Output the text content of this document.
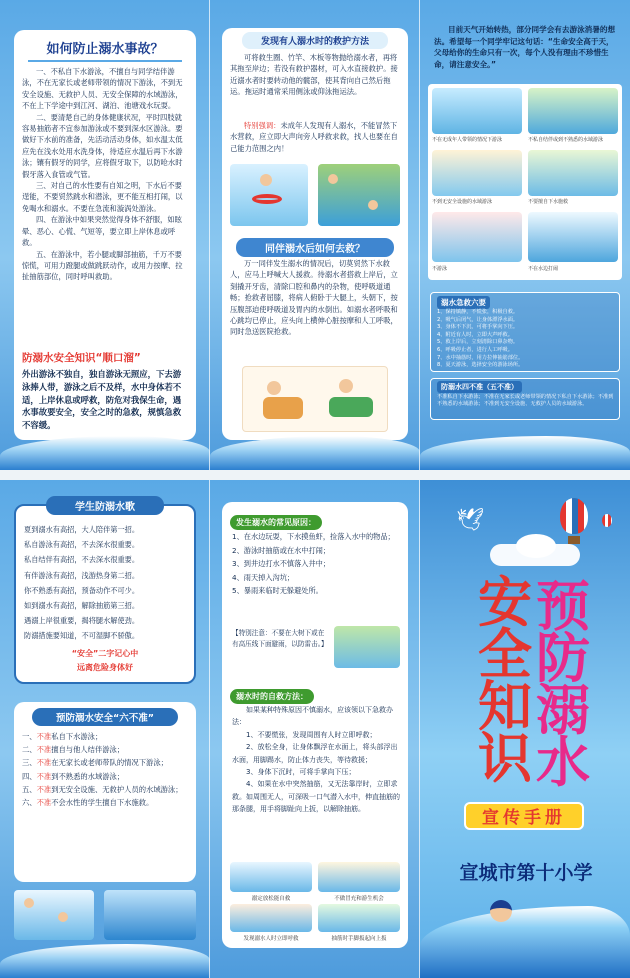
如何防止溺水事故？

一、不私自下水游泳，不擅自与同学结伴游泳，不在无家长或老师带领的情况下游泳，不到无安全设施、无救护人员、无安全保障的水域游泳，不在上下学途中到江河、湖泊、池塘戏水玩耍。

二、要清楚自己的身体健康状况，平时四肢就容易抽筋者不宜参加游泳或不要到深水区游泳。要做好下水前的准备，先活动活动身体，如水温太低应先在浅水处用水洗身体，待适应水温后再下水游泳；镶有假牙的同学，应将假牙取下，以防呛水时假牙落入食管或气管。

三、对自己的水性要有自知之明，下水后不要逞能，不要贸然跳水和潜泳，更不能互相打闹，以免喝水和溺水。不要在急流和漩涡处游泳。

四、在游泳中如果突然觉得身体不舒服，如眩晕、恶心、心慌、气短等，要立即上岸休息或呼救。

五、在游泳中，若小腿或脚部抽筋，千万不要惊慌，可用力蹬腿或做跳跃动作，或用力按摩、拉扯抽筋部位，同时呼叫救助。

防溺水安全知识“顺口溜”
外出游泳不独自，独自游泳无照应，下去游泳捧人带，游泳之后不及样，水中身体若不适，上岸休息或呼救，防危对我保生命，遇水事故要安全，安全之时的急救，规慎急救不容缓。
发现有人溺水时的救护方法

可将救生圈、竹竿、木板等物抛给溺水者，再将其拖至岸边；若没有救护器材，可入水直接救护。接近溺水者时要转动他的髋部，使其背向自己然后拖运。拖运时通常采用侧泳或仰泳拖运法。

特别强调：未成年人发现有人溺水，不能冒然下水营救，应立即大声向旁人呼救求救，找人也要在自己能力范围之内！
同伴溺水后如何去救？

万一同伴发生溺水的情况后，切莫贸然下水救人，应马上呼喊大人援救。待溺水者搭救上岸后，立刻撬开牙齿，清除口腔和鼻内的杂物，使呼吸道通畅；抢救者屈膝，将病人俯卧于大腿上，头朝下，按压腹部迫使呼吸道及胃内的水倒出。如溺水者呼吸和心跳均已停止，应头向上横伸心脏按摩和人工呼吸，同时急送医院抢救。

目前天气开始转热，部分同学会有去游泳消暑的想法。希望每一个同学牢记这句话：“生命安全高于天，父母给你的生命只有一次，每个人没有理由不珍惜生命，请注意安全。”

不在无成年人带领的情况下游泳	不私自结伴或到不熟悉的水域游泳
不到无安全设施的水域游泳	不要擅自下水施救
不游泳	不在水边打闹
溺水急救六要
1、保持镇静，不慌张，积极自救。
2、吸气后闭气，让身体漂浮水面。
3、身体不下沉，可将手掌向下压。
4、附近有人时，立即大声呼救。
5、救上岸后，立刻清除口鼻杂物。
6、呼吸停止者，进行人工呼吸。
7、水中抽筋时，用力拉伸抽筋部位。
8、夏天游泳，选择安全的游泳场所。
防溺水四不准（五不准）
不准私自下水游泳；不准在无家长或老师带领的情况下私自下水游泳；不准到不熟悉的水域游泳；不准到无安全设施、无救护人员的水域游泳。
学生防溺水歌
夏到溺水有高招，大人陪伴第一招。
私自游泳有高招，不去深水很重要。
私自结伴有高招，不去深水很重要。
有伴游泳有高招，浅游热身第二招。
你不熟悉有高招，预备动作不可少。
如到溺水有高招，解除抽筋第三招。
遇溺上岸很重要，揭将腿水解使劲。
防溺措施要知道，不可湿脚不骄傲。
“安全”二字记心中
远离危险身体好
预防溺水安全“六不准”
一、不准私自下水游泳；
二、不准擅自与他人结伴游泳；
三、不准在无家长或老师带队的情况下游泳；
四、不准到不熟悉的水域游泳；
五、不准到无安全设施、无救护人员的水域游泳；
六、不准不会水性的学生擅自下水施救。
发生溺水的常见原因：
1、在水边玩耍，下水摸鱼虾，捡落入水中的物品；
2、游泳时抽筋或在水中打闹；
3、到井边打水不慎落入井中；
4、雨天掉入沟坑；
5、暴雨来临时无躲避处所。
【特别注意：不要在大树下或在有高压线下面避雨，以防雷击。】
溺水时的自救方法：

如果某种特殊原因不慎溺水，应该领以下急救办法：

1、不要慌张，发现周围有人时立即呼救；

2、放松全身，让身体飘浮在水面上，将头部浮出水面，用脚踢水，防止体力丧失，等待救援；

3、身体下沉时，可将手掌向下压；

4、如果在水中突然抽筋，又无法靠岸时，立即求救。如周围无人，可深吸一口气潜入水中，伸直抽筋的那条腿，用手将脚趾向上扳，以解除抽筋。

溺定放松能自救	不做冒充和游生机会
发现溺水人时立即呼救	抽筋时手脚扳起向上扳
🕊
安
全
知
识
预
防
溺
水
宣传手册
宣城市第十小学
